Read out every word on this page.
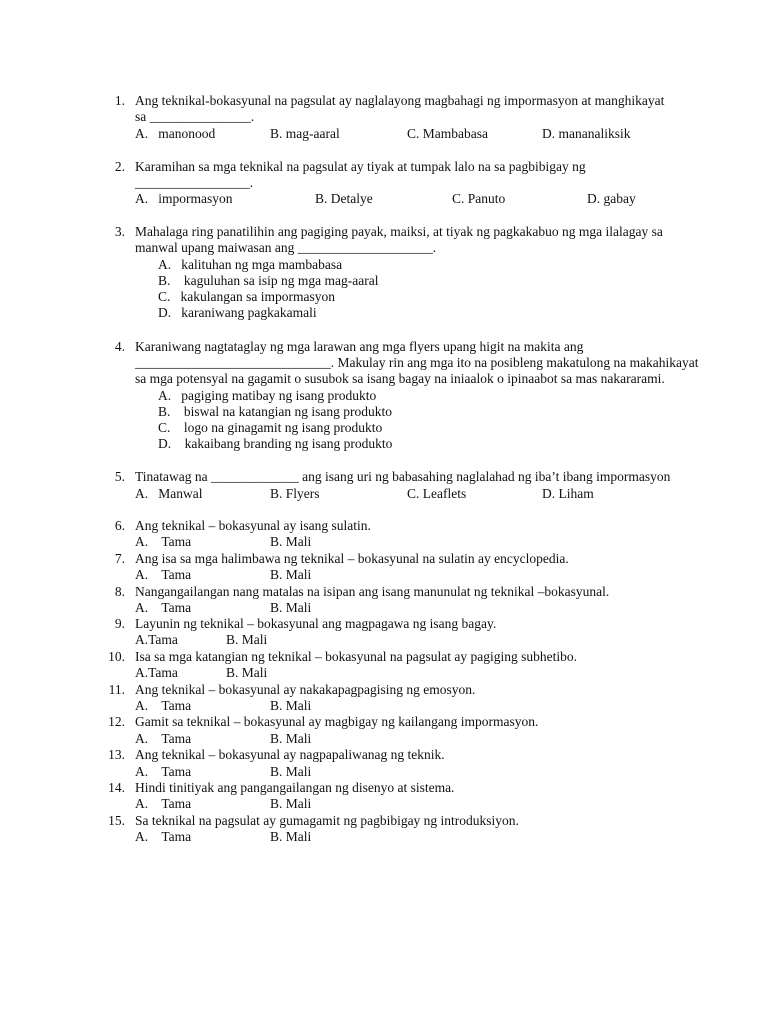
1. Ang teknikal-bokasyunal na pagsulat ay naglalayong magbahagi ng impormasyon at manghikayat
sa _______________.
A.   manonood	B. mag-aaral	C. Mambabasa	D. mananaliksik
2. Karamihan sa mga teknikal na pagsulat ay tiyak at tumpak lalo na sa pagbibigay ng
_________________.
A.   impormasyon	B. Detalye	C. Panuto	D. gabay
3. Mahalaga ring panatilihin ang pagiging payak, maiksi, at tiyak ng pagkakabuo ng mga ilalagay sa
manwal upang maiwasan ang ____________________.
A.   kalituhan ng mga mambabasa
B.    kaguluhan sa isip ng mga mag-aaral
C.   kakulangan sa impormasyon
D.   karaniwang pagkakamali
4. Karaniwang nagtataglay ng mga larawan ang mga flyers upang higit na makita ang
_____________________________. Makulay rin ang mga ito na posibleng makatulong na makahikayat
sa mga potensyal na gagamit o susubok sa isang bagay na iniaalok o ipinaabot sa mas nakararami.
A.   pagiging matibay ng isang produkto
B.    biswal na katangian ng isang produkto
C.    logo na ginagamit ng isang produkto
D.    kakaibang branding ng isang produkto
5. Tinatawag na _____________ ang isang uri ng babasahing naglalahad ng iba’t ibang impormasyon
A.   Manwal	B. Flyers	C. Leaflets	D. Liham
6. Ang teknikal – bokasyunal ay isang sulatin.
A.    Tama	B. Mali
7. Ang isa sa mga halimbawa ng teknikal – bokasyunal na sulatin ay encyclopedia.
A.    Tama	B. Mali
8. Nangangailangan nang matalas na isipan ang isang manunulat ng teknikal –bokasyunal.
A.    Tama	B. Mali
9. Layunin ng teknikal – bokasyunal ang magpagawa ng isang bagay.
A.Tama	B. Mali
10. Isa sa mga katangian ng teknikal – bokasyunal na pagsulat ay pagiging subhetibo.
A.Tama	B. Mali
11. Ang teknikal – bokasyunal ay nakakapagpagising ng emosyon.
A.    Tama	B. Mali
12. Gamit sa teknikal – bokasyunal ay magbigay ng kailangang impormasyon.
A.    Tama	B. Mali
13. Ang teknikal – bokasyunal ay nagpapaliwanag ng teknik.
A.    Tama	B. Mali
14. Hindi tinitiyak ang pangangailangan ng disenyo at sistema.
A.    Tama	B. Mali
15. Sa teknikal na pagsulat ay gumagamit ng pagbibigay ng introduksiyon.
A.    Tama	B. Mali
